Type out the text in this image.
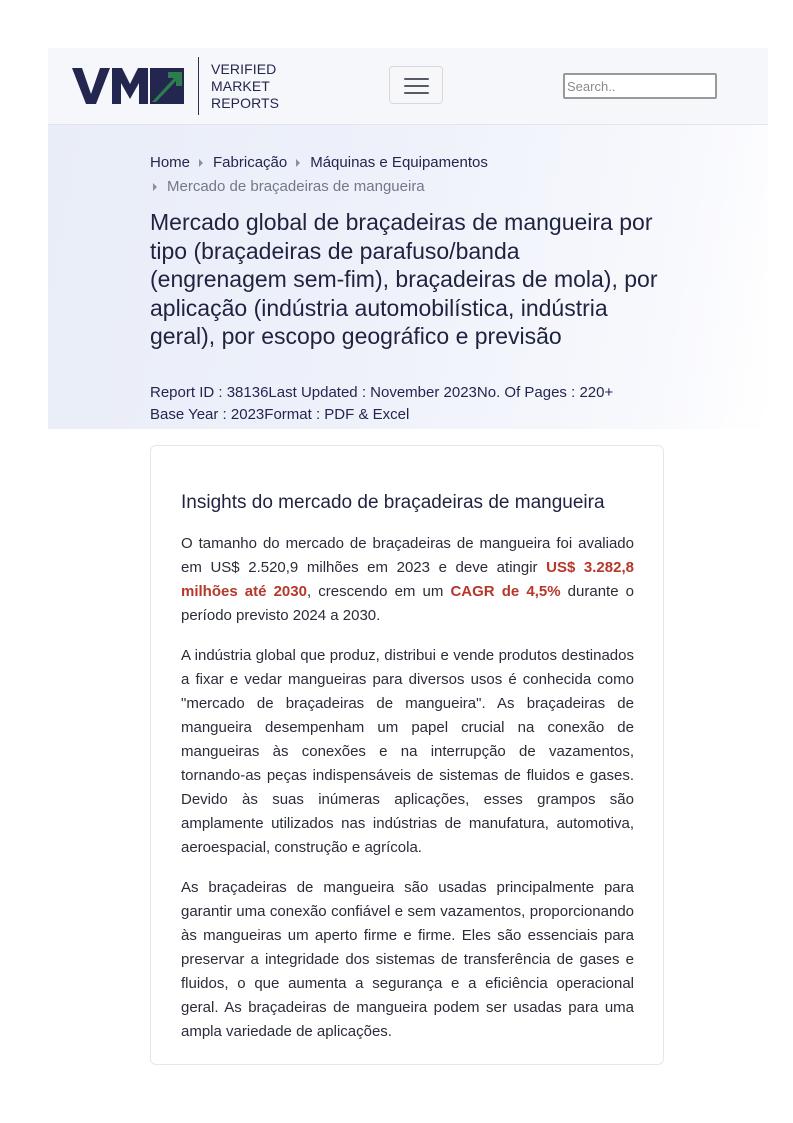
VERIFIED
MARKET
REPORTS
Search..
Home Fabricação Máquinas e Equipamentos
Mercado de braçadeiras de mangueira
Mercado global de braçadeiras de mangueira por tipo (braçadeiras de parafuso/banda (engrenagem sem-fim), braçadeiras de mola), por aplicação (indústria automobilística, indústria geral), por escopo geográfico e previsão
Report ID : 38136Last Updated : November 2023No. Of Pages : 220+
Base Year : 2023Format : PDF & Excel
Insights do mercado de braçadeiras de mangueira

O tamanho do mercado de braçadeiras de mangueira foi avaliado em US$ 2.520,9 milhões em 2023 e deve atingir US$ 3.282,8 milhões até 2030, crescendo em um CAGR de 4,5% durante o período previsto 2024 a 2030.

A indústria global que produz, distribui e vende produtos destinados a fixar e vedar mangueiras para diversos usos é conhecida como "mercado de braçadeiras de mangueira". As braçadeiras de mangueira desempenham um papel crucial na conexão de mangueiras às conexões e na interrupção de vazamentos, tornando-as peças indispensáveis de sistemas de fluidos e gases. Devido às suas inúmeras aplicações, esses grampos são amplamente utilizados nas indústrias de manufatura, automotiva, aeroespacial, construção e agrícola.

As braçadeiras de mangueira são usadas principalmente para garantir uma conexão confiável e sem vazamentos, proporcionando às mangueiras um aperto firme e firme. Eles são essenciais para preservar a integridade dos sistemas de transferência de gases e fluidos, o que aumenta a segurança e a eficiência operacional geral. As braçadeiras de mangueira podem ser usadas para uma ampla variedade de aplicações.
